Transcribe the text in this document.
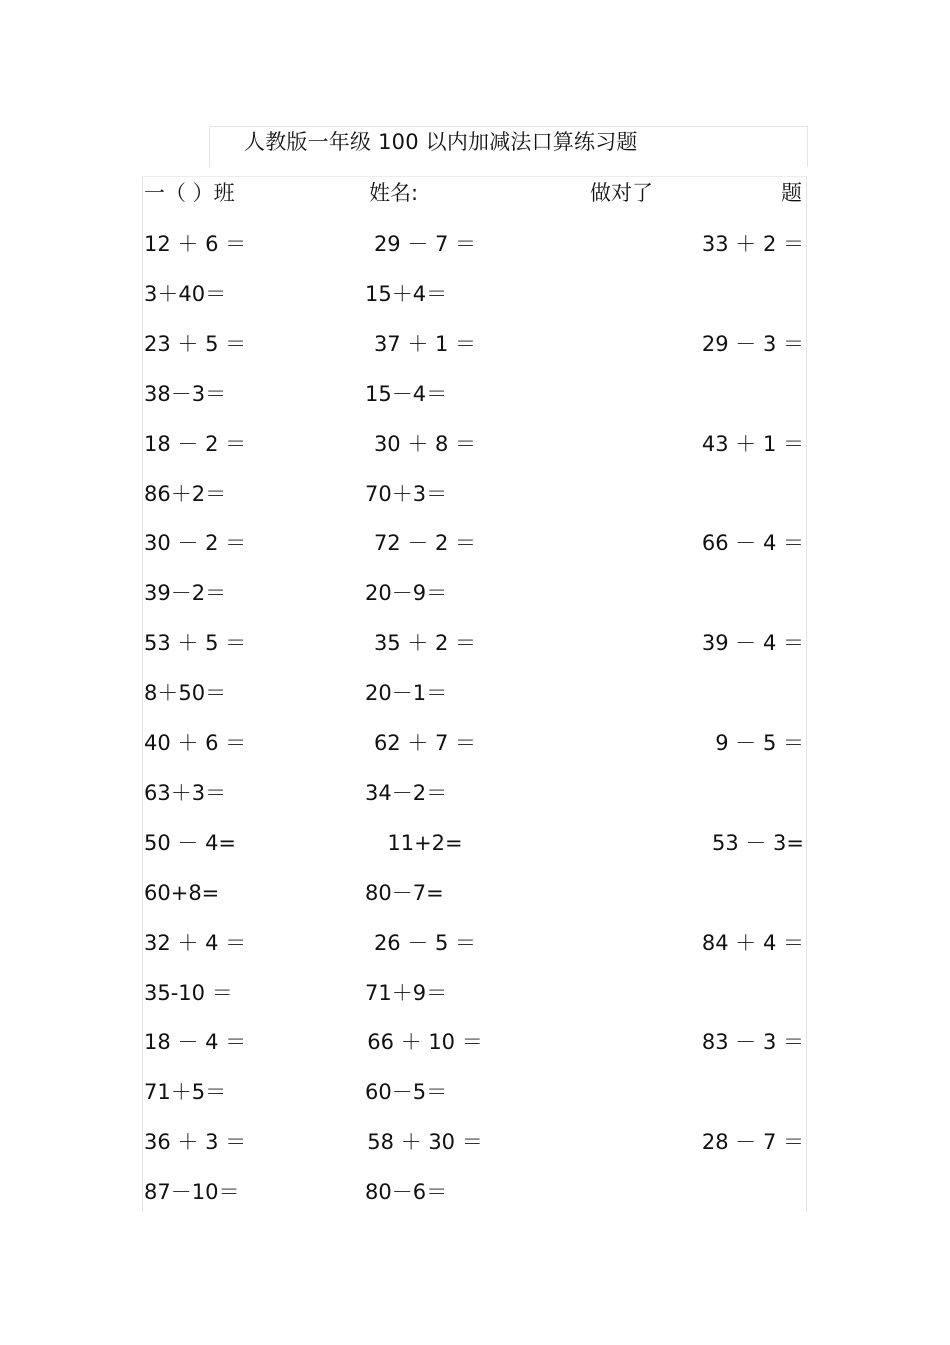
人教版一年级 100 以内加减法口算练习题
一（ ）班	姓名:	做对了	题
12 ＋ 6 ＝	29 － 7 ＝	33 ＋ 2 ＝
3＋40＝	15＋4＝
23 ＋ 5 ＝	37 ＋ 1 ＝	29 － 3 ＝
38－3＝	15－4＝
18 － 2 ＝	30 ＋ 8 ＝	43 ＋ 1 ＝
86＋2＝	70＋3＝
30 － 2 ＝	72 － 2 ＝	66 － 4 ＝
39－2＝	20－9＝
53 ＋ 5 ＝	35 ＋ 2 ＝	39 － 4 ＝
8＋50＝	20－1＝
40 ＋ 6 ＝	62 ＋ 7 ＝	9 － 5 ＝
63＋3＝	34－2＝
50 － 4=	11+2=	53 － 3=
60+8=	80－7=
32 ＋ 4 ＝	26 － 5 ＝	84 ＋ 4 ＝
35-10 ＝	71＋9＝
18 － 4 ＝	66 ＋ 10 ＝	83 － 3 ＝
71＋5＝	60－5＝
36 ＋ 3 ＝	58 ＋ 30 ＝	28 － 7 ＝
87－10＝	80－6＝
